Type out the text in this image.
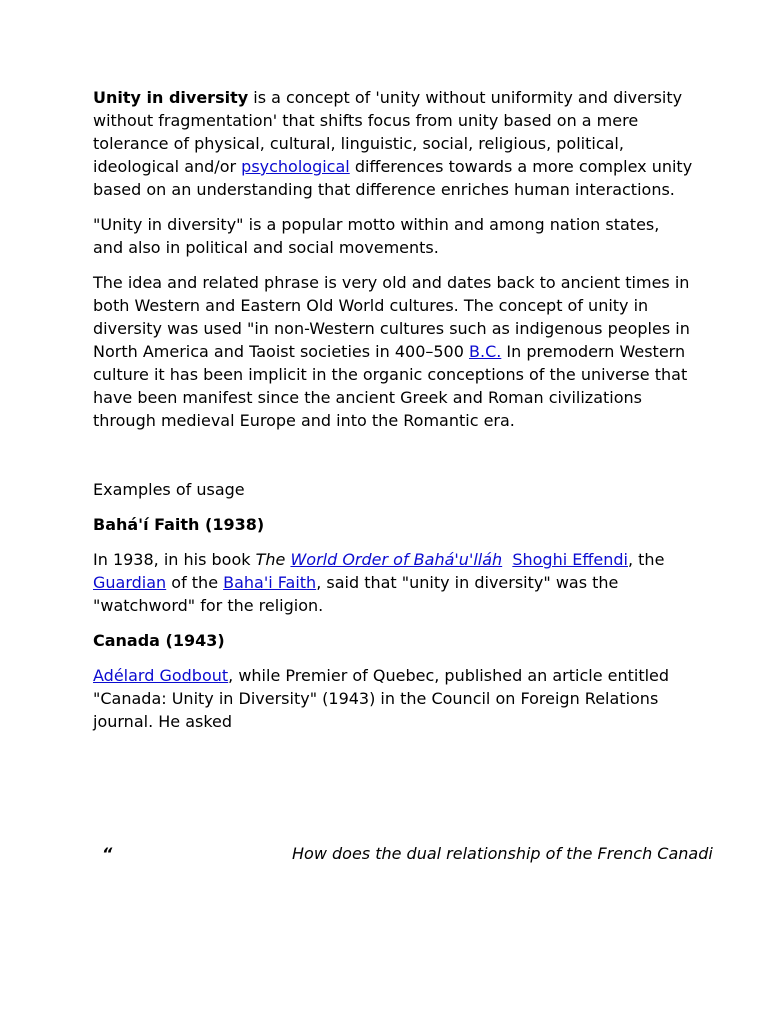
Unity in diversity is a concept of 'unity without uniformity and diversity without fragmentation' that shifts focus from unity based on a mere tolerance of physical, cultural, linguistic, social, religious, political, ideological and/or psychological differences towards a more complex unity based on an understanding that difference enriches human interactions.

"Unity in diversity" is a popular motto within and among nation states, and also in political and social movements.

The idea and related phrase is very old and dates back to ancient times in both Western and Eastern Old World cultures. The concept of unity in diversity was used "in non-Western cultures such as indigenous peoples in North America and Taoist societies in 400–500 B.C. In premodern Western culture it has been implicit in the organic conceptions of the universe that have been manifest since the ancient Greek and Roman civilizations through medieval Europe and into the Romantic era.

Examples of usage

Bahá'í Faith (1938)

In 1938, in his book The World Order of Bahá'u'lláh Shoghi Effendi, the Guardian of the Baha'i Faith, said that "unity in diversity" was the "watchword" for the religion.

Canada (1943)

Adélard Godbout, while Premier of Quebec, published an article entitled "Canada: Unity in Diversity" (1943) in the Council on Foreign Relations journal. He asked

“	How does the dual relationship of the French Canadi
